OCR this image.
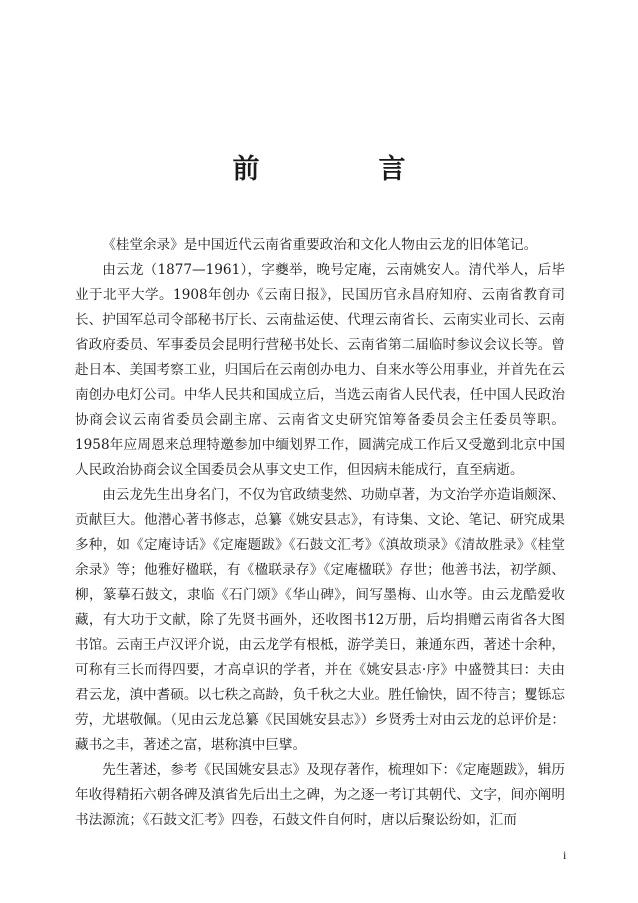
前　言

《桂堂余录》是中国近代云南省重要政治和文化人物由云龙的旧体笔记。

由云龙（1877—1961），字夔举，晚号定庵，云南姚安人。清代举人，后毕业于北平大学。1908年创办《云南日报》，民国历官永昌府知府、云南省教育司长、护国军总司令部秘书厅长、云南盐运使、代理云南省长、云南实业司长、云南省政府委员、军事委员会昆明行营秘书处长、云南省第二届临时参议会议长等。曾赴日本、美国考察工业，归国后在云南创办电力、自来水等公用事业，并首先在云南创办电灯公司。中华人民共和国成立后，当选云南省人民代表，任中国人民政治协商会议云南省委员会副主席、云南省文史研究馆筹备委员会主任委员等职。1958年应周恩来总理特邀参加中缅划界工作，圆满完成工作后又受邀到北京中国人民政治协商会议全国委员会从事文史工作，但因病未能成行，直至病逝。

由云龙先生出身名门，不仅为官政绩斐然、功勋卓著，为文治学亦造诣颇深、贡献巨大。他潜心著书修志，总纂《姚安县志》，有诗集、文论、笔记、研究成果多种，如《定庵诗话》《定庵题跋》《石鼓文汇考》《滇故琐录》《清故胜录》《桂堂余录》等；他雅好楹联，有《楹联录存》《定庵楹联》存世；他善书法，初学颜、柳，篆摹石鼓文，隶临《石门颂》《华山碑》，间写墨梅、山水等。由云龙酷爱收藏，有大功于文献，除了先贤书画外，还收图书12万册，后均捐赠云南省各大图书馆。云南王卢汉评介说，由云龙学有根柢，游学美日，兼通东西，著述十余种，可称有三长而得四要，才高卓识的学者，并在《姚安县志·序》中盛赞其曰：夫由君云龙，滇中耆硕。以七秩之高龄，负千秋之大业。胜任愉快，固不待言；矍铄忘劳，尤堪敬佩。（见由云龙总纂《民国姚安县志》）乡贤秀士对由云龙的总评价是：藏书之丰，著述之富，堪称滇中巨擘。

先生著述，参考《民国姚安县志》及现存著作，梳理如下：《定庵题跋》，辑历年收得精拓六朝各碑及滇省先后出土之碑，为之逐一考订其朝代、文字，间亦阐明书法源流；《石鼓文汇考》四卷，石鼓文件自何时，唐以后聚讼纷如，汇而

i
